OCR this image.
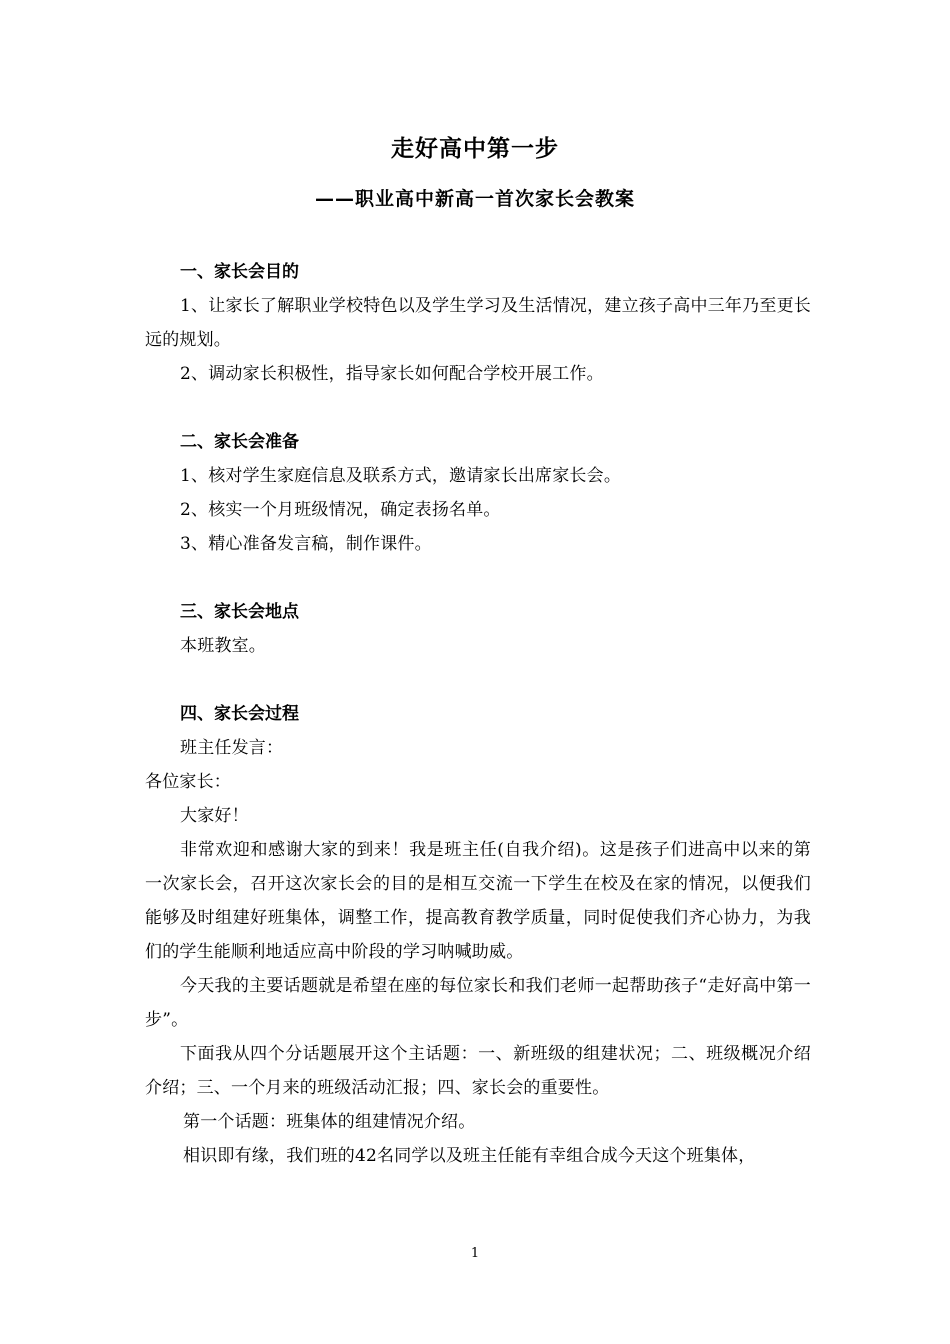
走好高中第一步
——职业高中新高一首次家长会教案

一、家长会目的

1、让家长了解职业学校特色以及学生学习及生活情况，建立孩子高中三年乃至更长远的规划。

2、调动家长积极性，指导家长如何配合学校开展工作。

二、家长会准备

1、核对学生家庭信息及联系方式，邀请家长出席家长会。

2、核实一个月班级情况，确定表扬名单。

3、精心准备发言稿，制作课件。

三、家长会地点

本班教室。

四、家长会过程

班主任发言：

各位家长：

大家好！

非常欢迎和感谢大家的到来！我是班主任(自我介绍)。这是孩子们进高中以来的第一次家长会，召开这次家长会的目的是相互交流一下学生在校及在家的情况，以便我们能够及时组建好班集体，调整工作，提高教育教学质量，同时促使我们齐心协力，为我们的学生能顺利地适应高中阶段的学习呐喊助威。

今天我的主要话题就是希望在座的每位家长和我们老师一起帮助孩子“走好高中第一步”。

下面我从四个分话题展开这个主话题：一、新班级的组建状况；二、班级概况介绍介绍；三、一个月来的班级活动汇报；四、家长会的重要性。

第一个话题：班集体的组建情况介绍。

相识即有缘，我们班的42名同学以及班主任能有幸组合成今天这个班集体，

1
